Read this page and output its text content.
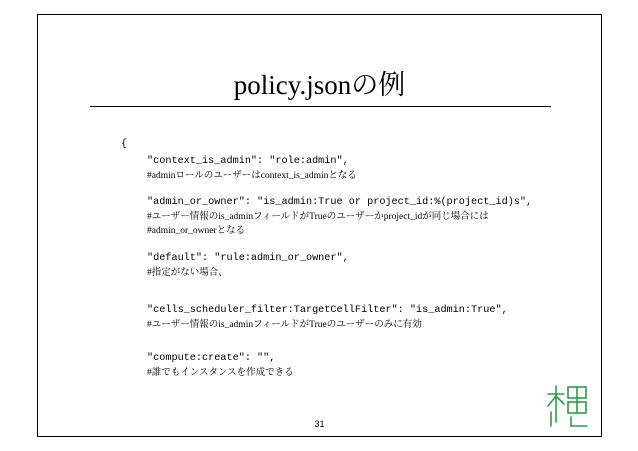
policy.jsonの例
{
"context_is_admin": "role:admin",
#adminロールのユーザーはcontext_is_adminとなる
"admin_or_owner": "is_admin:True or project_id:%(project_id)s",
#ユーザー情報のis_adminフィールドがTrueのユーザーかproject_idが同じ場合には
#admin_or_ownerとなる
"default": "rule:admin_or_owner",
#指定がない場合、
"cells_scheduler_filter:TargetCellFilter": "is_admin:True",
#ユーザー情報のis_adminフィールドがTrueのユーザーのみに有効
"compute:create": "",
#誰でもインスタンスを作成できる
31
